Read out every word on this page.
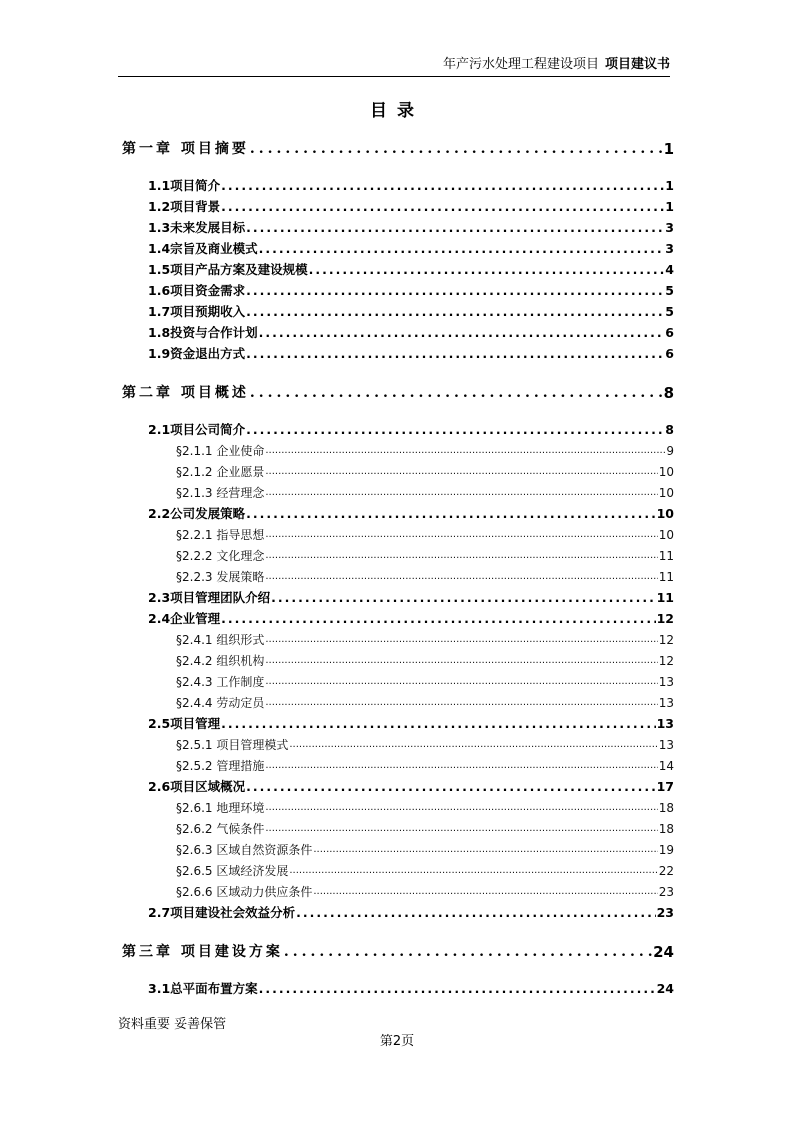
年产污水处理工程建设项目 项目建议书
目录
第一章 项目摘要 .....	1
1.1项目简介 .....	1
1.2项目背景 .....	1
1.3未来发展目标 .....	3
1.4宗旨及商业模式 .....	3
1.5项目产品方案及建设规模 .....	4
1.6项目资金需求 .....	5
1.7项目预期收入 .....	5
1.8投资与合作计划 .....	6
1.9资金退出方式 .....	6
第二章 项目概述 .....	8
2.1项目公司简介 .....	8
§2.1.1 企业使命 .....	9
§2.1.2 企业愿景 .....	10
§2.1.3 经营理念 .....	10
2.2公司发展策略 .....	10
§2.2.1 指导思想 .....	10
§2.2.2 文化理念 .....	11
§2.2.3 发展策略 .....	11
2.3项目管理团队介绍 .....	11
2.4企业管理 .....	12
§2.4.1 组织形式 .....	12
§2.4.2 组织机构 .....	12
§2.4.3 工作制度 .....	13
§2.4.4 劳动定员 .....	13
2.5项目管理 .....	13
§2.5.1 项目管理模式 .....	13
§2.5.2 管理措施 .....	14
2.6项目区域概况 .....	17
§2.6.1 地理环境 .....	18
§2.6.2 气候条件 .....	18
§2.6.3 区域自然资源条件 .....	19
§2.6.5 区域经济发展 .....	22
§2.6.6 区域动力供应条件 .....	23
2.7项目建设社会效益分析 .....	23
第三章 项目建设方案 .....	24
3.1总平面布置方案 .....	24
资料重要 妥善保管
第2页
